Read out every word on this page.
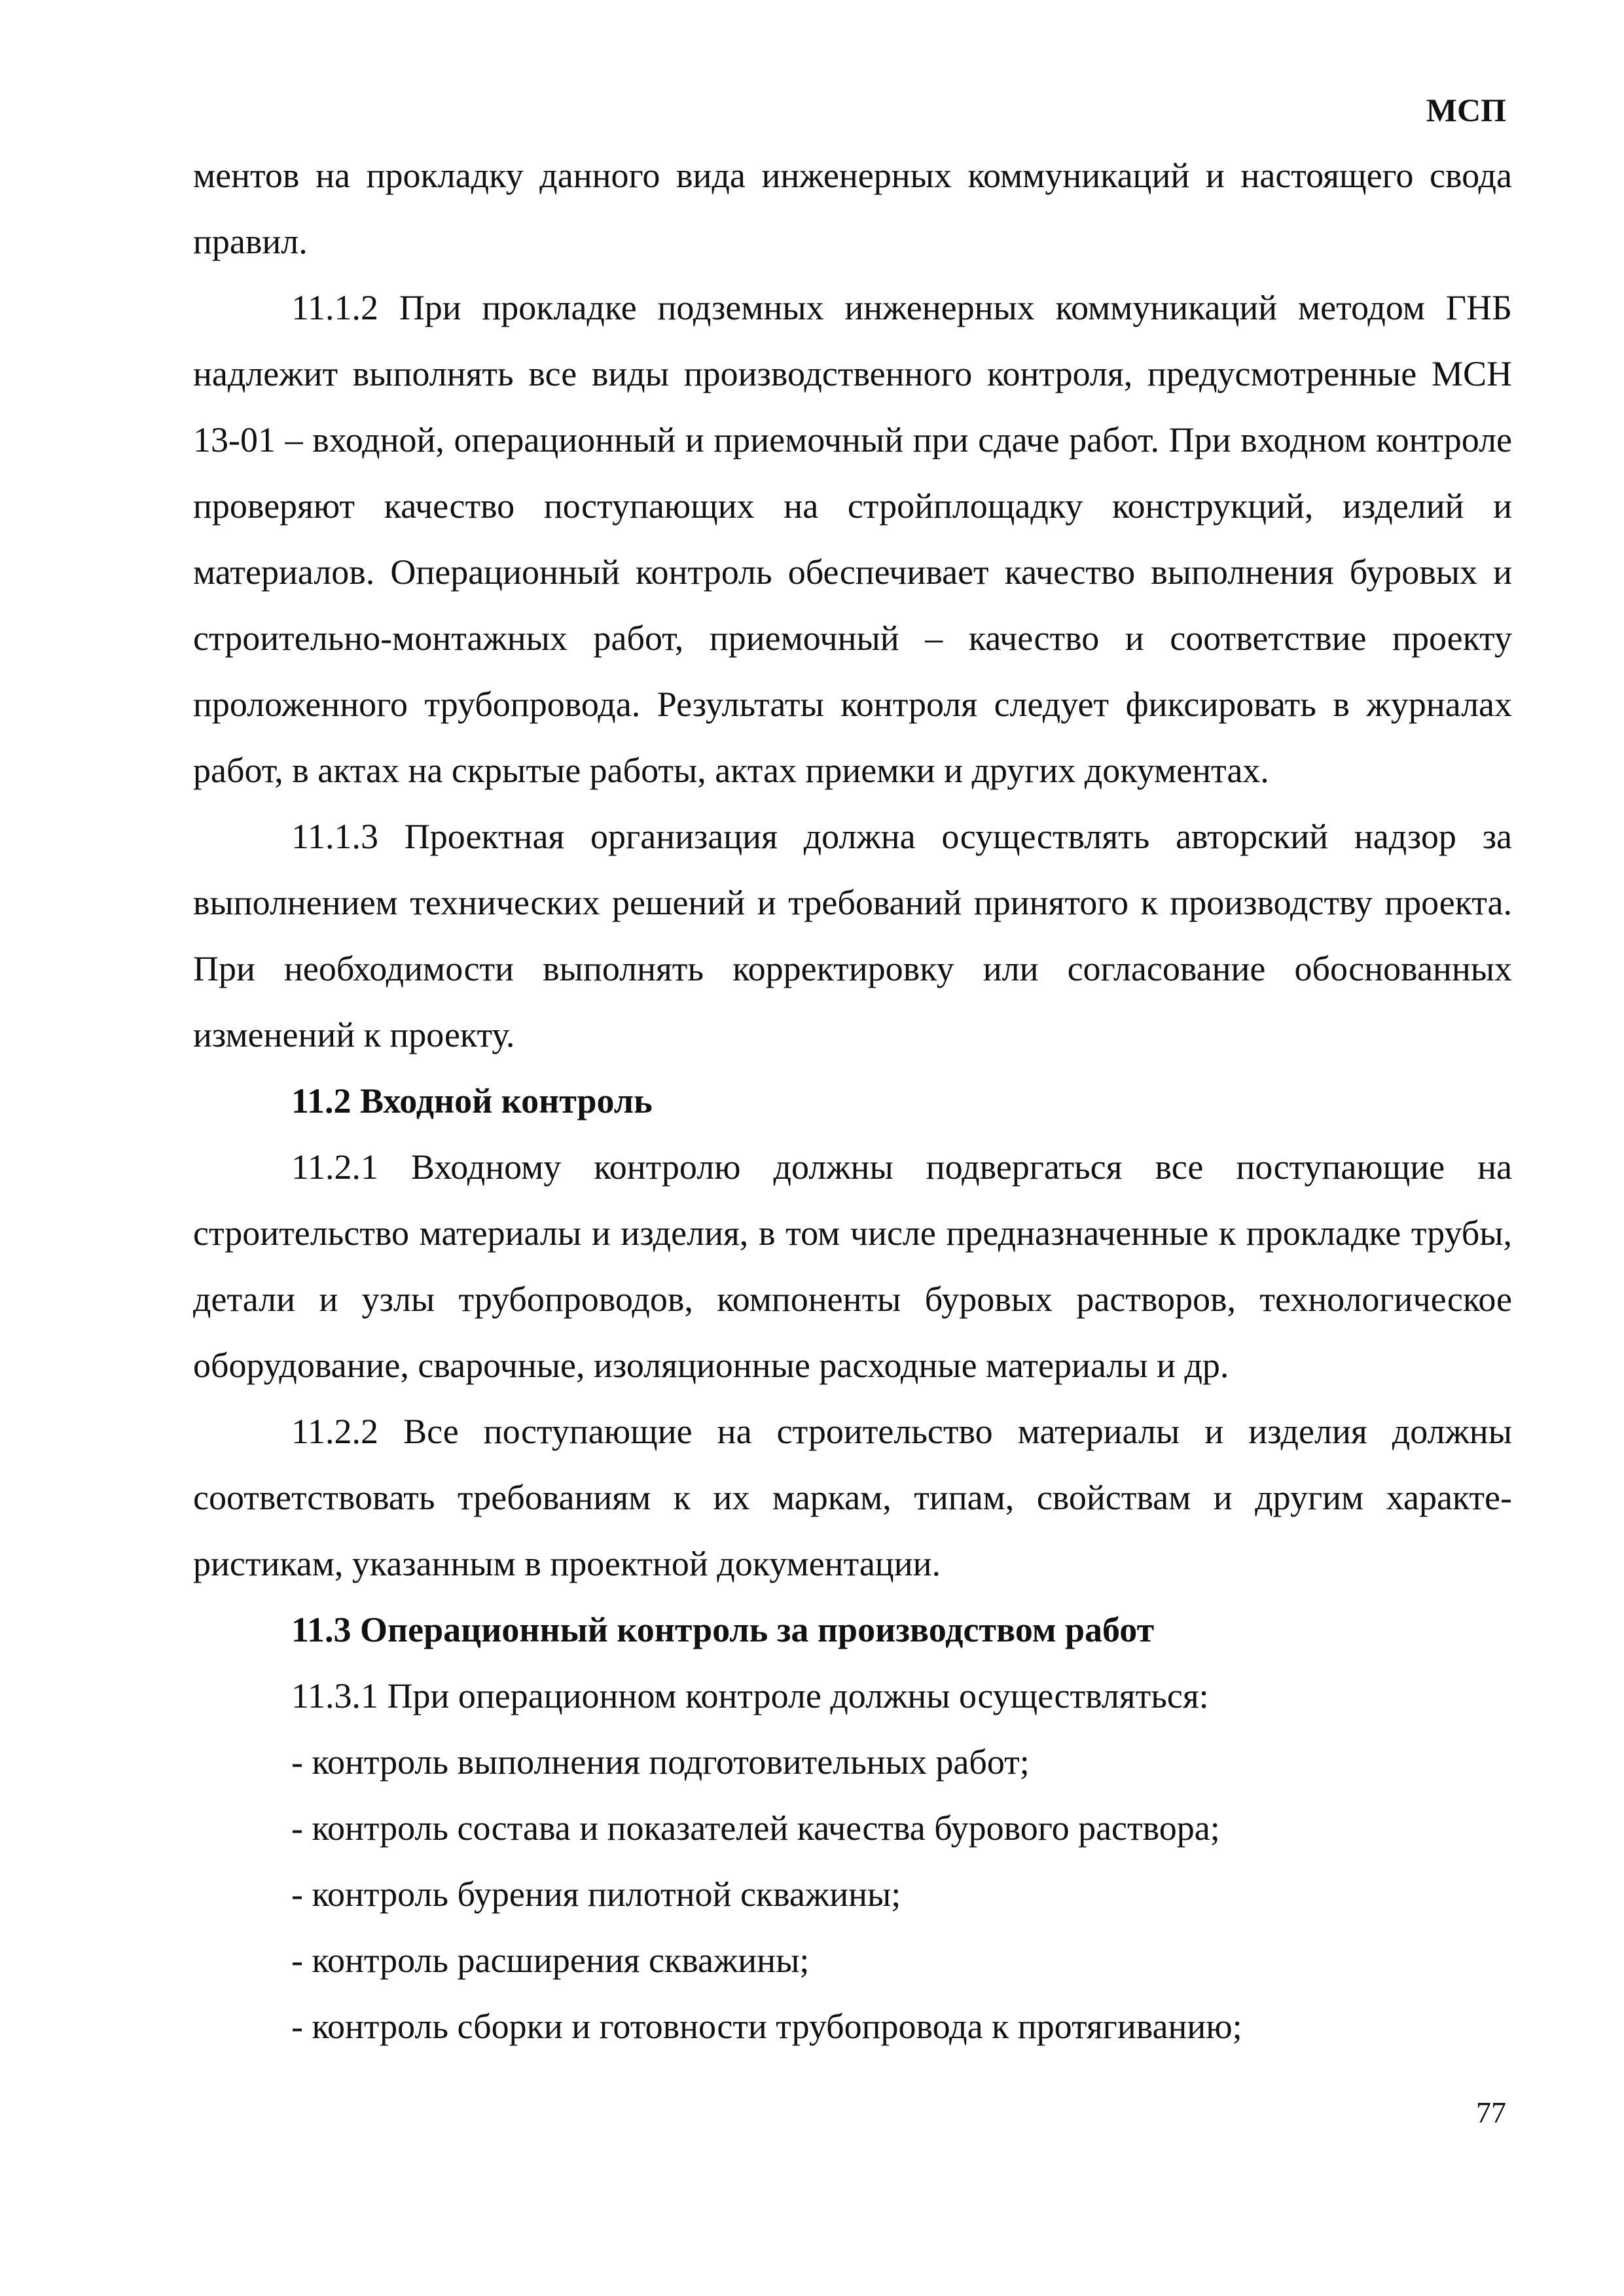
МСП

ментов на прокладку данного вида инженерных коммуникаций и настоящего свода правил.

11.1.2 При прокладке подземных инженерных коммуникаций методом ГНБ надлежит выполнять все виды производственного контроля, предусмотренные МСН 13-01 – входной, операционный и приемочный при сдаче работ. При входном контроле проверяют качество поступающих на стройплощадку конструкций, изделий и материалов. Операционный контроль обеспечивает качество выполнения буровых и строительно-монтажных работ, приемочный – качество и соответствие проекту проложенного трубопровода. Результаты контроля следует фиксировать в журналах работ, в актах на скрытые работы, актах приемки и других документах.

11.1.3 Проектная организация должна осуществлять авторский надзор за выполнением технических решений и требований принятого к производству проекта. При необходимости выполнять корректировку или согласование обоснованных изменений к проекту.

11.2 Входной контроль

11.2.1 Входному контролю должны подвергаться все поступающие на строительство материалы и изделия, в том числе предназначенные к прокладке трубы, детали и узлы трубопроводов, компоненты буровых растворов, технологическое оборудование, сварочные, изоляционные расходные материалы и др.

11.2.2 Все поступающие на строительство материалы и изделия должны соответствовать требованиям к их маркам, типам, свойствам и другим характеристикам, указанным в проектной документации.

11.3 Операционный контроль за производством работ

11.3.1 При операционном контроле должны осуществляться:

- контроль выполнения подготовительных работ;

- контроль состава и показателей качества бурового раствора;

- контроль бурения пилотной скважины;

- контроль расширения скважины;

- контроль сборки и готовности трубопровода к протягиванию;

77
